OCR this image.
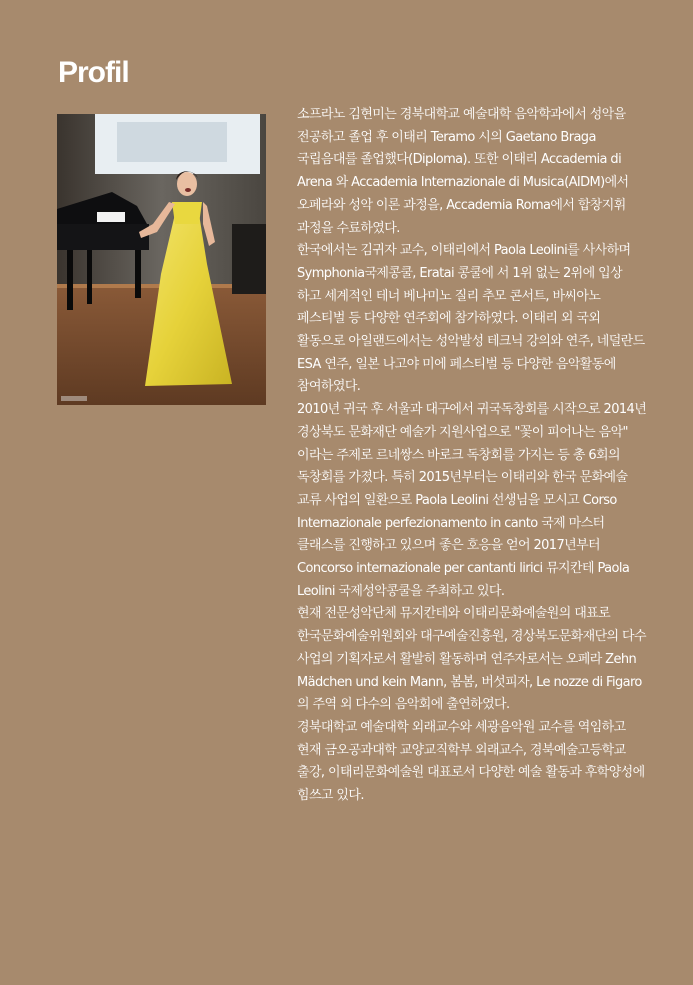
Profil

소프라노 김현미는 경북대학교 예술대학 음악학과에서 성악을 전공하고 졸업 후 이태리 Teramo 시의 Gaetano Braga 국립음대를 졸업했다(Diploma). 또한 이태리 Accademia di Arena 와 Accademia Internazionale di Musica(AIDM)에서 오페라와 성악 이론 과정을, Accademia Roma에서 합창지휘 과정을 수료하였다.

한국에서는 김귀자 교수, 이태리에서 Paola Leolini를 사사하며 Symphonia국제콩쿨, Eratai 콩쿨에 서 1위 없는 2위에 입상 하고 세계적인 테너 베나미노 질리 추모 콘서트, 바씨아노 페스티벌 등 다양한 연주회에 참가하였다. 이태리 외 국외 활동으로 아일랜드에서는 성악발성 테크닉 강의와 연주, 네덜란드 ESA 연주, 일본 나고야 미에 페스티벌 등 다양한 음악활동에 참여하였다.

2010년 귀국 후 서울과 대구에서 귀국독창회를 시작으로 2014년 경상북도 문화재단 예술가 지원사업으로 "꽃이 피어나는 음악" 이라는 주제로 르네쌍스 바로크 독창회를 가지는 등 총 6회의 독창회를 가졌다. 특히 2015년부터는 이태리와 한국 문화예술 교류 사업의 일환으로 Paola Leolini 선생님을 모시고 Corso Internazionale perfezionamento in canto 국제 마스터 클래스를 진행하고 있으며 좋은 호응을 얻어 2017년부터 Concorso internazionale per cantanti lirici 뮤지칸테 Paola Leolini 국제성악콩쿨을 주최하고 있다.

현재 전문성악단체 뮤지칸테와 이태리문화예술원의 대표로 한국문화예술위원회와 대구예술진흥원, 경상북도문화재단의 다수 사업의 기획자로서 활발히 활동하며 연주자로서는 오페라 Zehn Mädchen und kein Mann, 봄봄, 버섯피자, Le nozze di Figaro 의 주역 외 다수의 음악회에 출연하였다.

경북대학교 예술대학 외래교수와 세광음악원 교수를 역임하고 현재 금오공과대학 교양교직학부 외래교수, 경북예술고등학교 출강, 이태리문화예술원 대표로서 다양한 예술 활동과 후학양성에 힘쓰고 있다.
